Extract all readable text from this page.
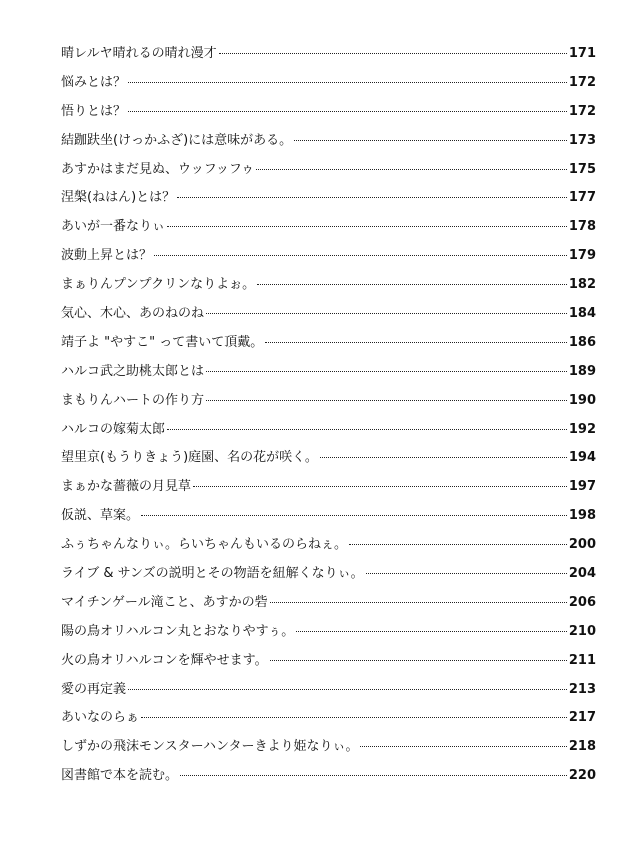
晴レルヤ晴れるの晴れ漫才	171
悩みとは？	172
悟りとは？	172
結跏趺坐(けっかふざ)には意味がある。	173
あすかはまだ見ぬ、ウッフッフゥ	175
涅槃(ねはん)とは？	177
あいが一番なりぃ	178
波動上昇とは？	179
まぁりんプンプクリンなりよぉ。	182
気心、木心、あのねのね	184
靖子よ "やすこ" って書いて頂戴。	186
ハルコ武之助桃太郎とは	189
まもりんハートの作り方	190
ハルコの嫁菊太郎	192
望里京(もうりきょう)庭園、名の花が咲く。	194
まぁかな薔薇の月見草	197
仮説、草案。	198
ふぅちゃんなりぃ。らいちゃんもいるのらねぇ。	200
ライブ & サンズの説明とその物語を紐解くなりぃ。	204
マイチンゲール滝こと、あすかの砦	206
陽の鳥オリハルコン丸とおなりやすぅ。	210
火の鳥オリハルコンを輝やせます。	211
愛の再定義	213
あいなのらぁ	217
しずかの飛沫モンスターハンターきより姫なりぃ。	218
図書館で本を読む。	220
